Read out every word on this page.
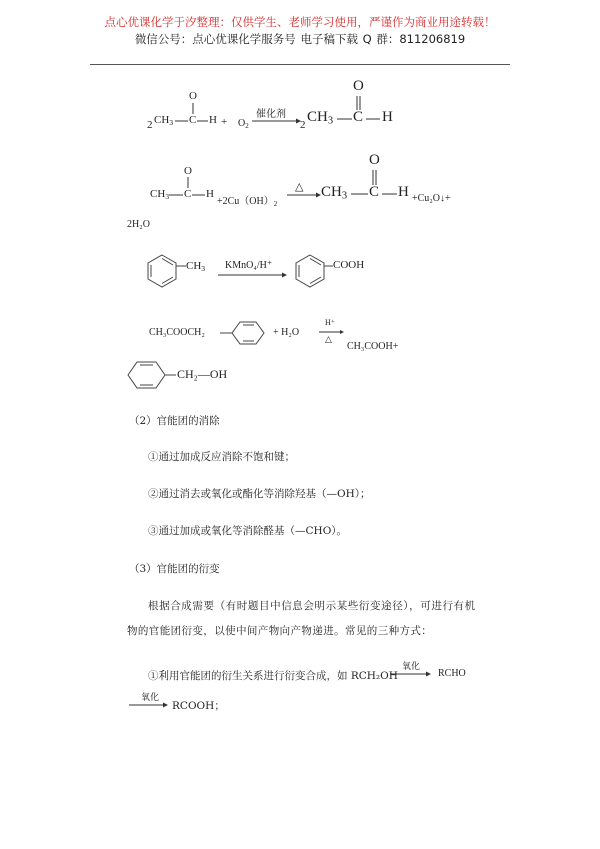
点心优课化学于汐整理：仅供学生、老师学习使用，严谨作为商业用途转载！
微信公号：点心优课化学服务号 电子稿下载 Q 群：811206819
2 $CH_3$
O
C $H + O_2$
催化剂
2 $CH_3$
O
C H
$CH_3$
O
C H
$+2Cu(OH)_2$
△ $CH_3$
O
C H +Cu₂O↓+
2H₂O
$CH_3$ KMnO₄/H⁺	COOH
CH₃COOCH₂	+ H₂O
H⁺
△
CH₃COOH+
CH₂—OH
（2）官能团的消除
①通过加成反应消除不饱和键；
②通过消去或氧化或酯化等消除羟基（—OH）；
③通过加成或氧化等消除醛基（—CHO）。
（3）官能团的衍变
根据合成需要（有时题目中信息会明示某些衍变途径），可进行有机
物的官能团衍变，以使中间产物向产物递进。常见的三种方式：
①利用官能团的衍生关系进行衍变合成，如 RCH₂OH
氧化
RCHO
氧化
RCOOH；
